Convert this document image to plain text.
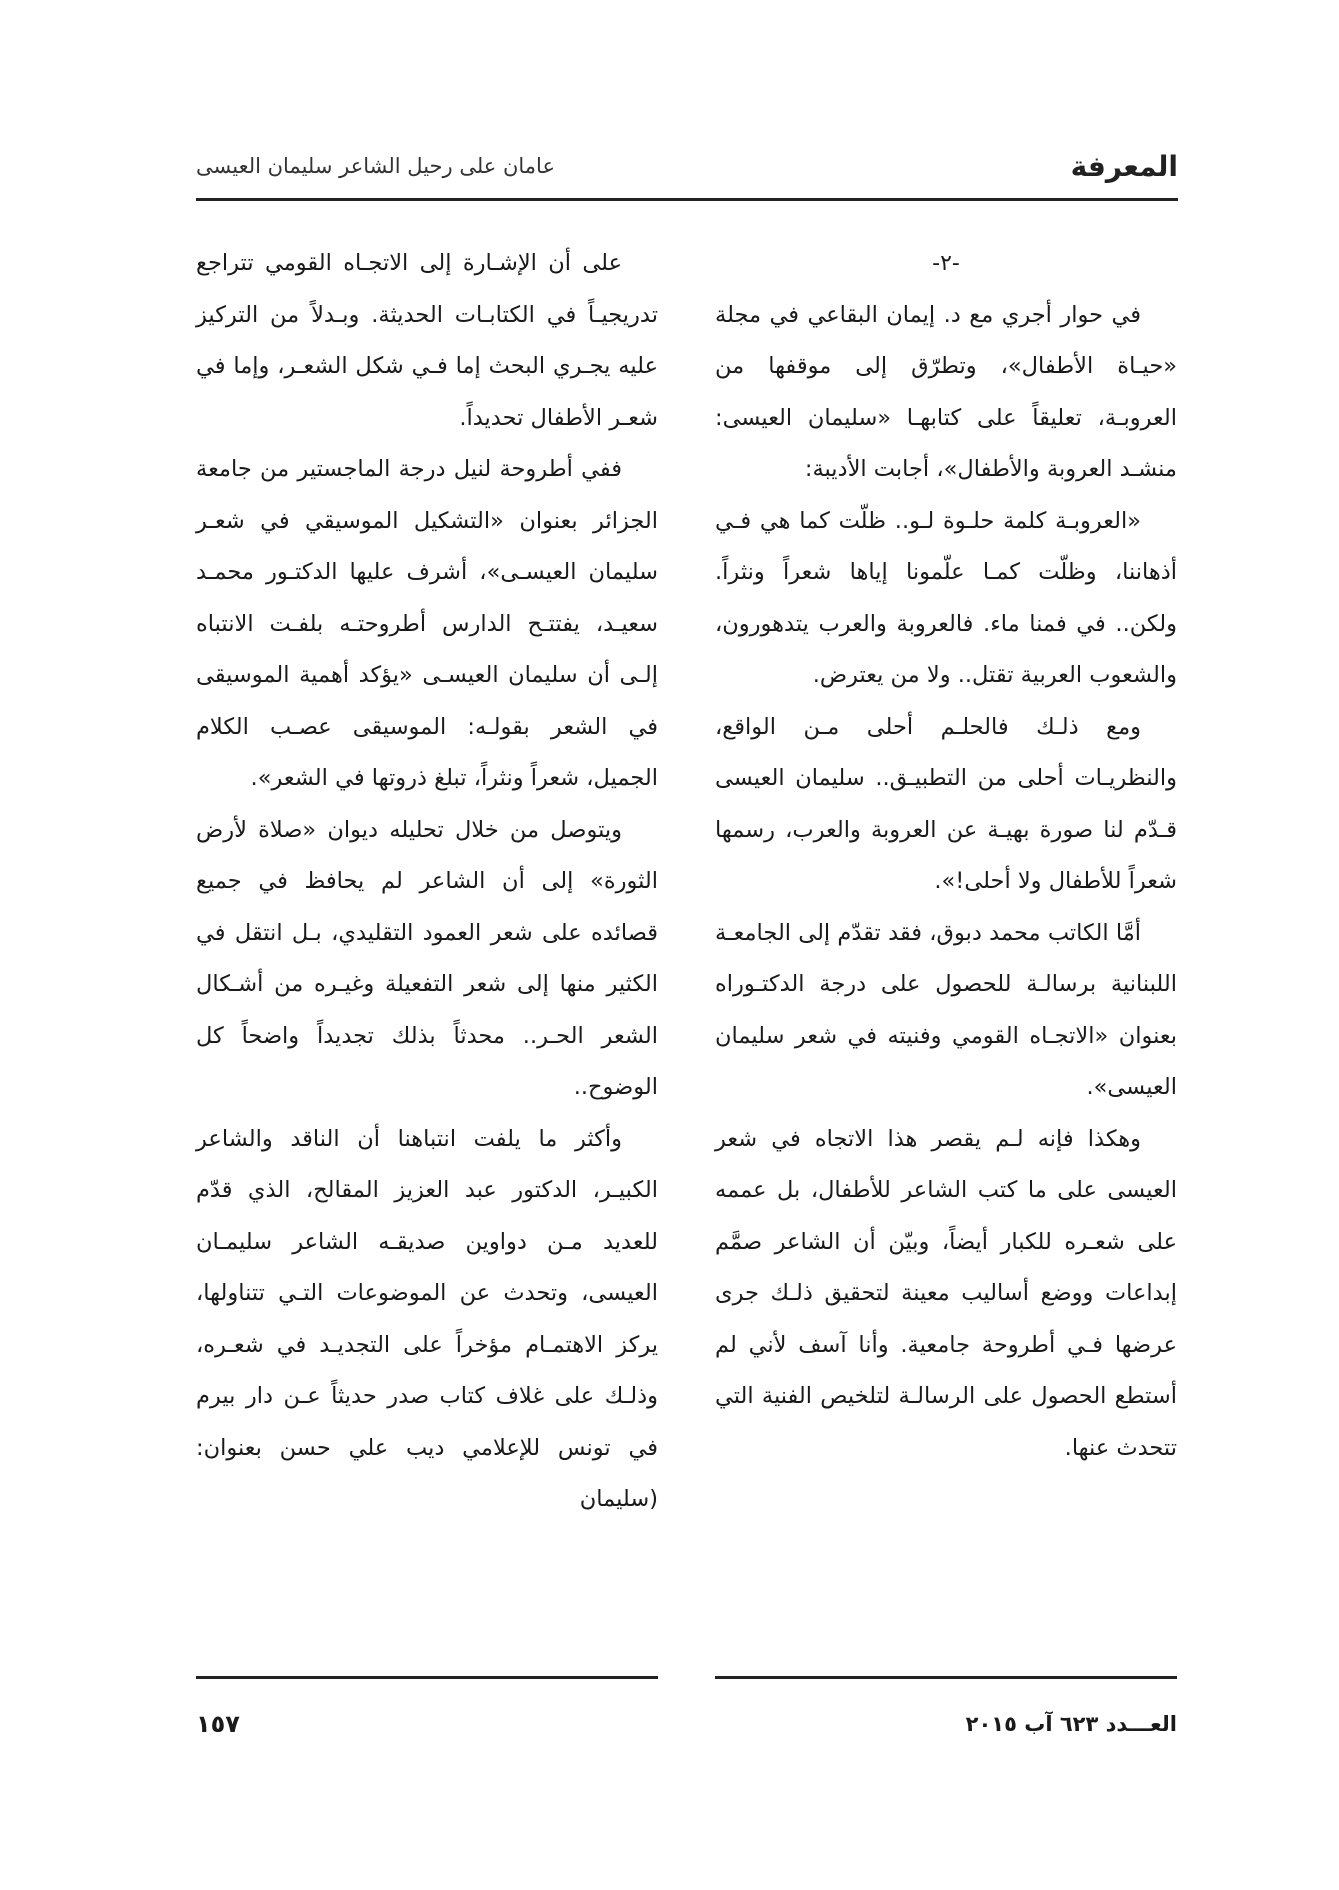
المعرفة
عامان على رحيل الشاعر سليمان العيسى

-٢-

في حوار أجري مع د. إيمان البقاعي في مجلة «حيـاة الأطفال»، وتطرّق إلى موقفها من العروبـة، تعليقاً على كتابهـا «سليمان العيسى: منشـد العروبة والأطفال»، أجابت الأديبة:

«العروبـة كلمة حلـوة لـو.. ظلّت كما هي فـي أذهاننا، وظلّت كمـا علّمونا إياها شعراً ونثراً. ولكن.. في فمنا ماء. فالعروبة والعرب يتدهورون، والشعوب العربية تقتل.. ولا من يعترض.

ومع ذلـك فالحلـم أحلى مـن الواقع، والنظريـات أحلى من التطبيـق.. سليمان العيسى قـدّم لنا صورة بهيـة عن العروبة والعرب، رسمها شعراً للأطفال ولا أحلى!».

أمَّا الكاتب محمد دبوق، فقد تقدّم إلى الجامعـة اللبنانية برسالـة للحصول على درجة الدكتـوراه بعنوان «الاتجـاه القومي وفنيته في شعر سليمان العيسى».

وهكذا فإنه لـم يقصر هذا الاتجاه في شعر العيسى على ما كتب الشاعر للأطفال، بل عممه على شعـره للكبار أيضاً، وبيّن أن الشاعر صمَّم إبداعات ووضع أساليب معينة لتحقيق ذلـك جرى عرضها فـي أطروحة جامعية. وأنا آسف لأني لم أستطع الحصول على الرسالـة لتلخيص الفنية التي تتحدث عنها.

على أن الإشـارة إلى الاتجـاه القومي تتراجع تدريجيـاً في الكتابـات الحديثة. وبـدلاً من التركيز عليه يجـري البحث إما فـي شكل الشعـر، وإما في شعـر الأطفال تحديداً.

ففي أطروحة لنيل درجة الماجستير من جامعة الجزائر بعنوان «التشكيل الموسيقي في شعـر سليمان العيسـى»، أشرف عليها الدكتـور محمـد سعيـد، يفتتـح الدارس أطروحتـه بلفـت الانتباه إلـى أن سليمان العيسـى «يؤكد أهمية الموسيقى في الشعر بقولـه: الموسيقى عصـب الكلام الجميل، شعراً ونثراً، تبلغ ذروتها في الشعر».

ويتوصل من خلال تحليله ديوان «صلاة لأرض الثورة» إلى أن الشاعر لم يحافظ في جميع قصائده على شعر العمود التقليدي، بـل انتقل في الكثير منها إلى شعر التفعيلة وغيـره من أشـكال الشعر الحـر.. محدثاً بذلك تجديداً واضحاً كل الوضوح..

وأكثر ما يلفت انتباهنا أن الناقد والشاعر الكبيـر، الدكتور عبد العزيز المقالح، الذي قدّم للعديد مـن دواوين صديقـه الشاعر سليمـان العيسى، وتحدث عن الموضوعات التـي تتناولها، يركز الاهتمـام مؤخراً على التجديـد في شعـره، وذلـك على غلاف كتاب صدر حديثاً عـن دار بيرم في تونس للإعلامي ديب علي حسن بعنوان: (سليمان

العـــدد ٦٢٣ آب ٢٠١٥
١٥٧
